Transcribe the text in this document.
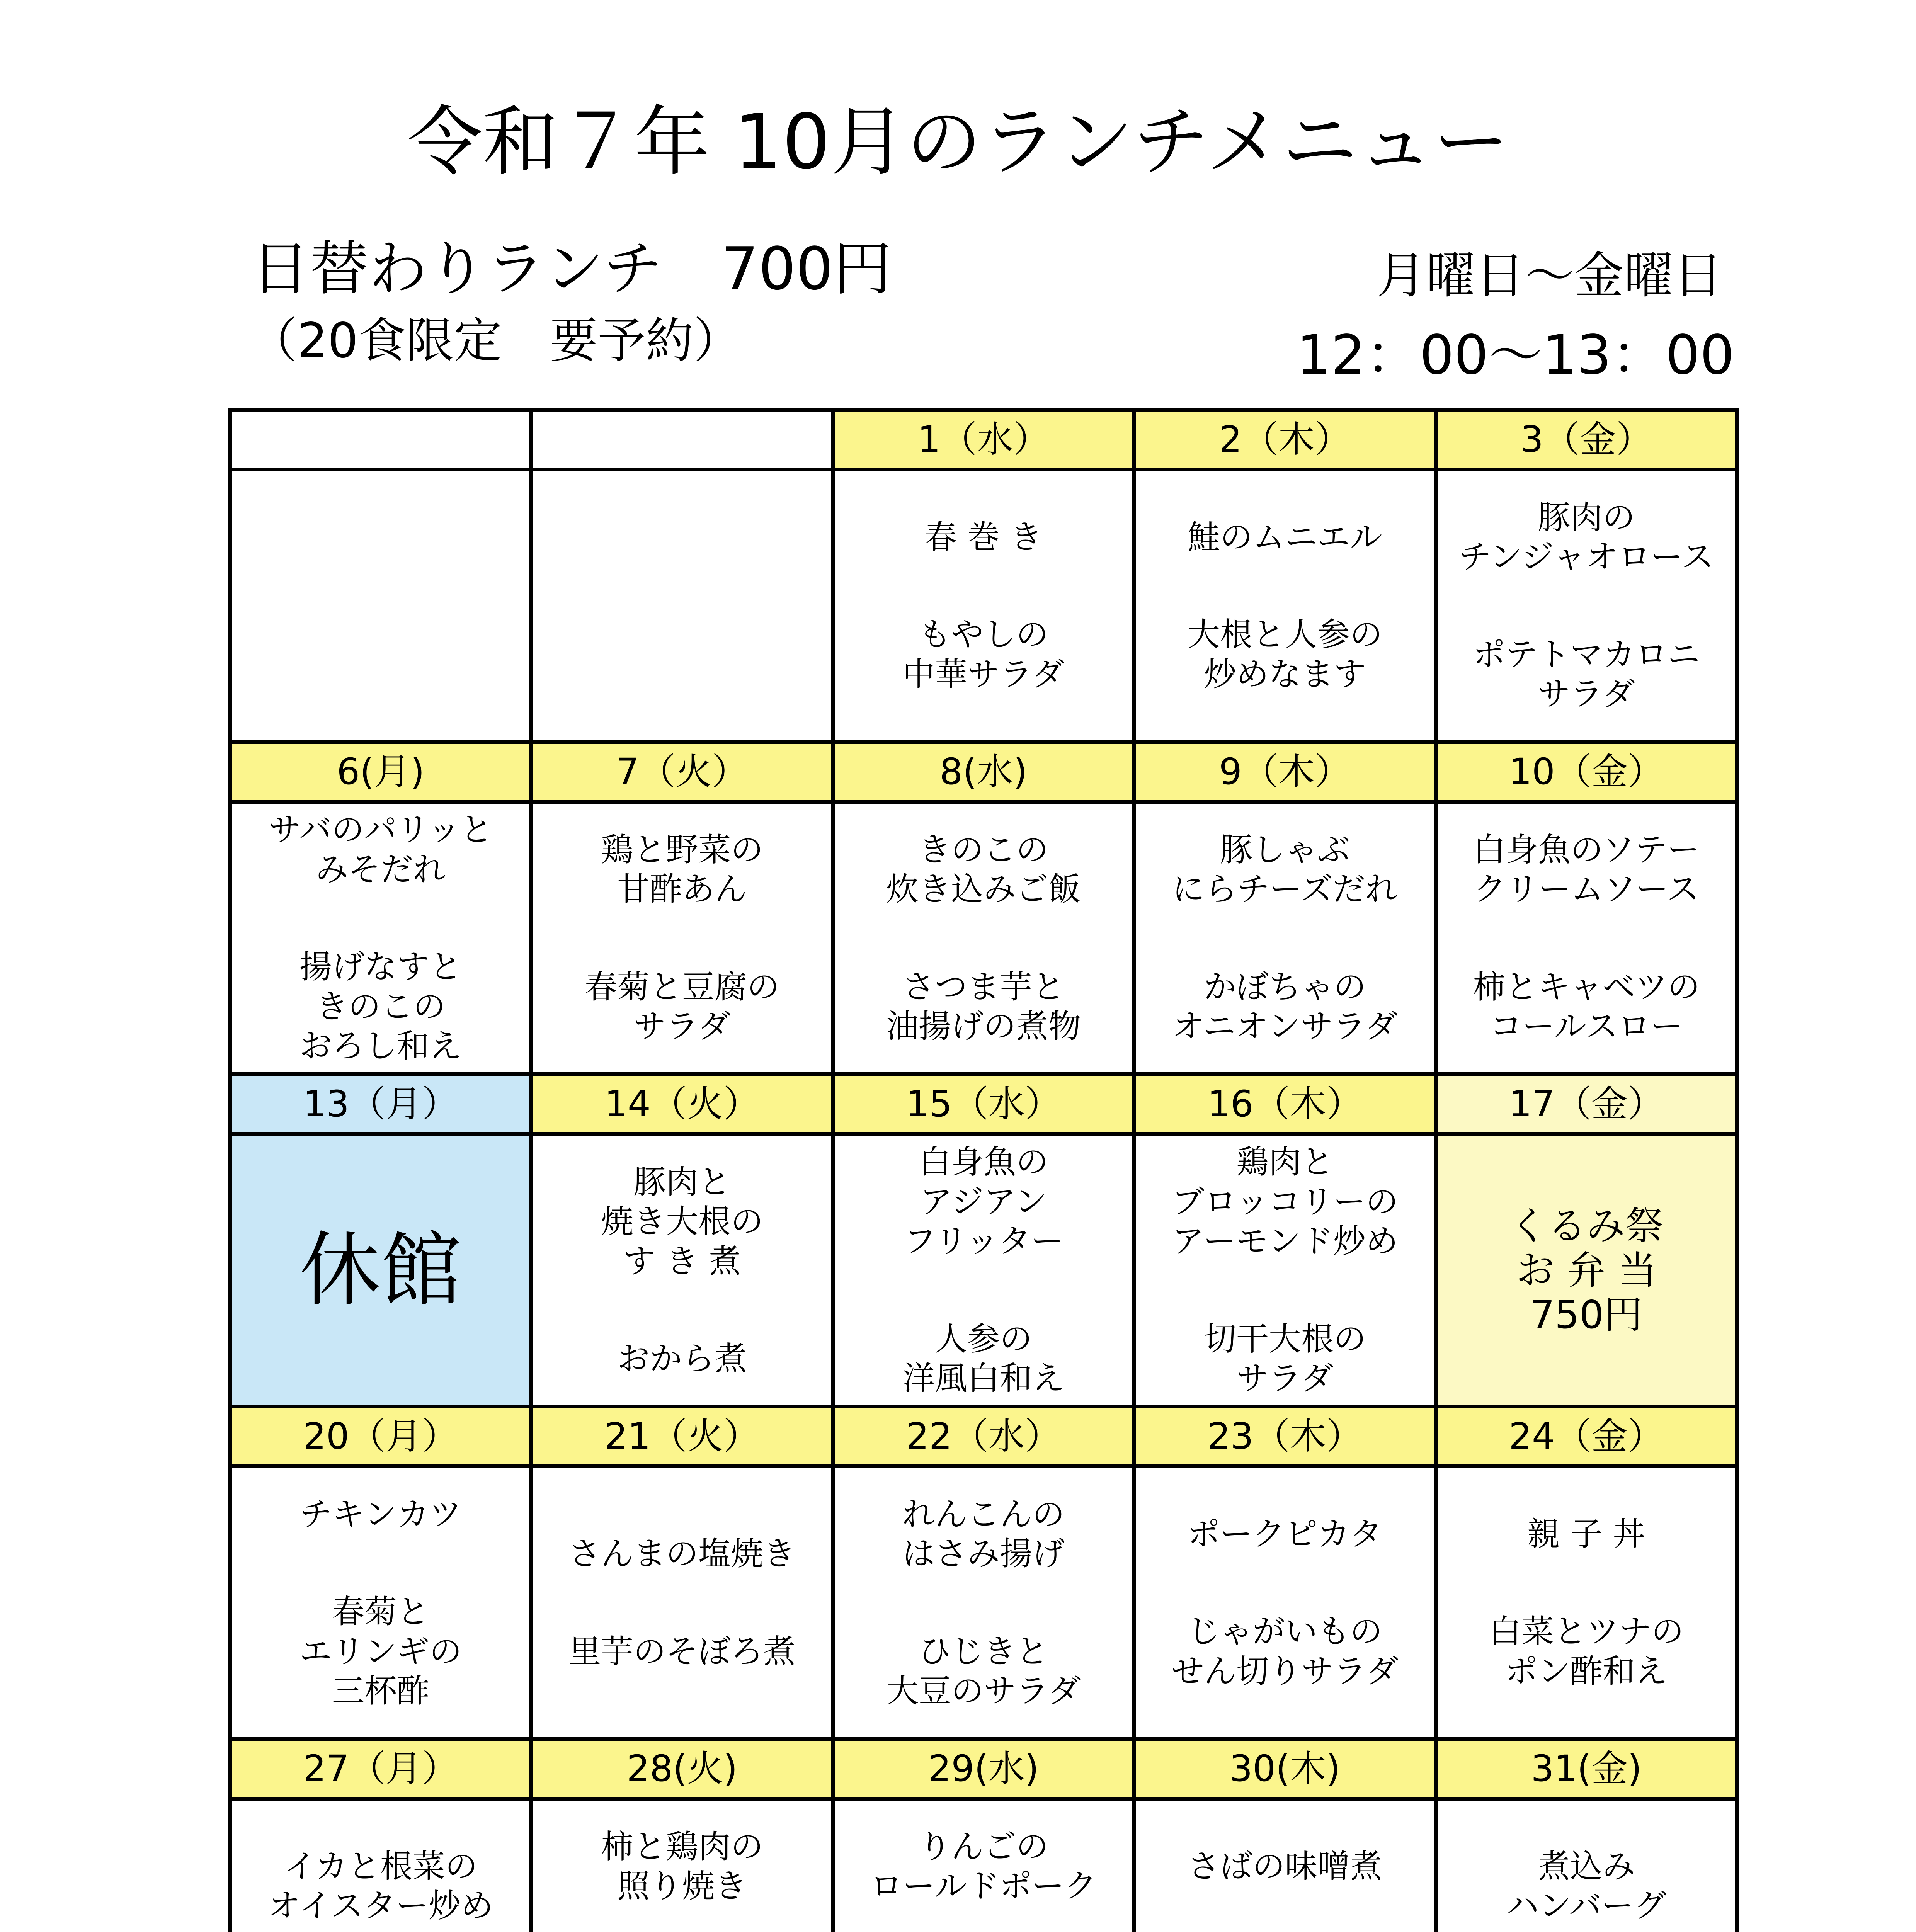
令和７年 10月のランチメニュー
日替わりランチ　700円
（20食限定　要予約）
月曜日～金曜日
12：00～13：00
		1（水）	2（木）	3（金）

		春 巻 き
もやしの
中華サラダ	鮭のムニエル
大根と人参の
炒めなます	豚肉の
チンジャオロース
ポテトマカロニ
サラダ

6(月)	7（火）	8(水)	9（木）	10（金）

サバのパリッと
みそだれ
揚げなすと
きのこの
おろし和え	鶏と野菜の
甘酢あん
春菊と豆腐の
サラダ	きのこの
炊き込みご飯
さつま芋と
油揚げの煮物	豚しゃぶ
にらチーズだれ
かぼちゃの
オニオンサラダ	白身魚のソテー
クリームソース
柿とキャベツの
コールスロー

13（月）	14（火）	15（水）	16（木）	17（金）

休館	豚肉と
焼き大根の
す き 煮
おから煮	白身魚の
アジアン
フリッター
人参の
洋風白和え	鶏肉と
ブロッコリーの
アーモンド炒め
切干大根の
サラダ	くるみ祭
お 弁 当
750円

20（月）	21（火）	22（水）	23（木）	24（金）

チキンカツ
春菊と
エリンギの
三杯酢	さんまの塩焼き
里芋のそぼろ煮	れんこんの
はさみ揚げ
ひじきと
大豆のサラダ	ポークピカタ
じゃがいもの
せん切りサラダ	親 子 丼
白菜とツナの
ポン酢和え

27（月）	28(火)	29(水)	30(木)	31(金)

イカと根菜の
オイスター炒め	柿と鶏肉の
照り焼き	りんごの
ロールドポーク	さばの味噌煮	煮込み
ハンバーグ
